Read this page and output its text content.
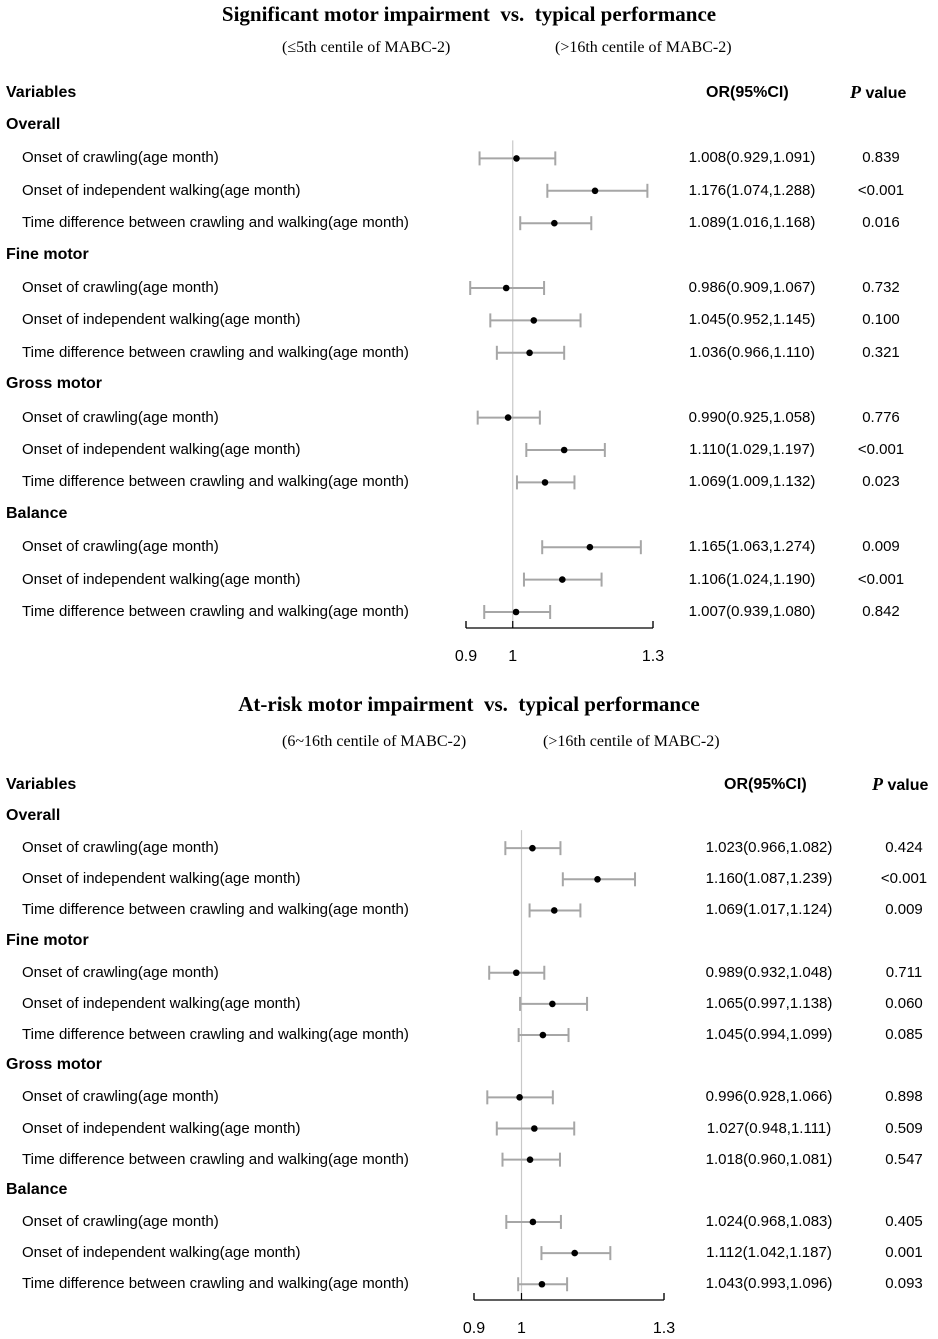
Significant motor impairment  vs.  typical performance
(≤5th centile of MABC-2)	(>16th centile of MABC-2)
Variables	OR(95%CI)	P value
Overall
Onset of crawling(age month)	1.008(0.929,1.091)	0.839
Onset of independent walking(age month)	1.176(1.074,1.288)	<0.001
Time difference between crawling and walking(age month)	1.089(1.016,1.168)	0.016
Fine motor
Onset of crawling(age month)	0.986(0.909,1.067)	0.732
Onset of independent walking(age month)	1.045(0.952,1.145)	0.100
Time difference between crawling and walking(age month)	1.036(0.966,1.110)	0.321
Gross motor
Onset of crawling(age month)	0.990(0.925,1.058)	0.776
Onset of independent walking(age month)	1.110(1.029,1.197)	<0.001
Time difference between crawling and walking(age month)	1.069(1.009,1.132)	0.023
Balance
Onset of crawling(age month)	1.165(1.063,1.274)	0.009
Onset of independent walking(age month)	1.106(1.024,1.190)	<0.001
Time difference between crawling and walking(age month)	1.007(0.939,1.080)	0.842
0.9	1	1.3
At-risk motor impairment  vs.  typical performance
(6~16th centile of MABC-2)	(>16th centile of MABC-2)
Variables	OR(95%CI)	P value
Overall
Onset of crawling(age month)	1.023(0.966,1.082)	0.424
Onset of independent walking(age month)	1.160(1.087,1.239)	<0.001
Time difference between crawling and walking(age month)	1.069(1.017,1.124)	0.009
Fine motor
Onset of crawling(age month)	0.989(0.932,1.048)	0.711
Onset of independent walking(age month)	1.065(0.997,1.138)	0.060
Time difference between crawling and walking(age month)	1.045(0.994,1.099)	0.085
Gross motor
Onset of crawling(age month)	0.996(0.928,1.066)	0.898
Onset of independent walking(age month)	1.027(0.948,1.111)	0.509
Time difference between crawling and walking(age month)	1.018(0.960,1.081)	0.547
Balance
Onset of crawling(age month)	1.024(0.968,1.083)	0.405
Onset of independent walking(age month)	1.112(1.042,1.187)	0.001
Time difference between crawling and walking(age month)	1.043(0.993,1.096)	0.093
0.9	1	1.3
